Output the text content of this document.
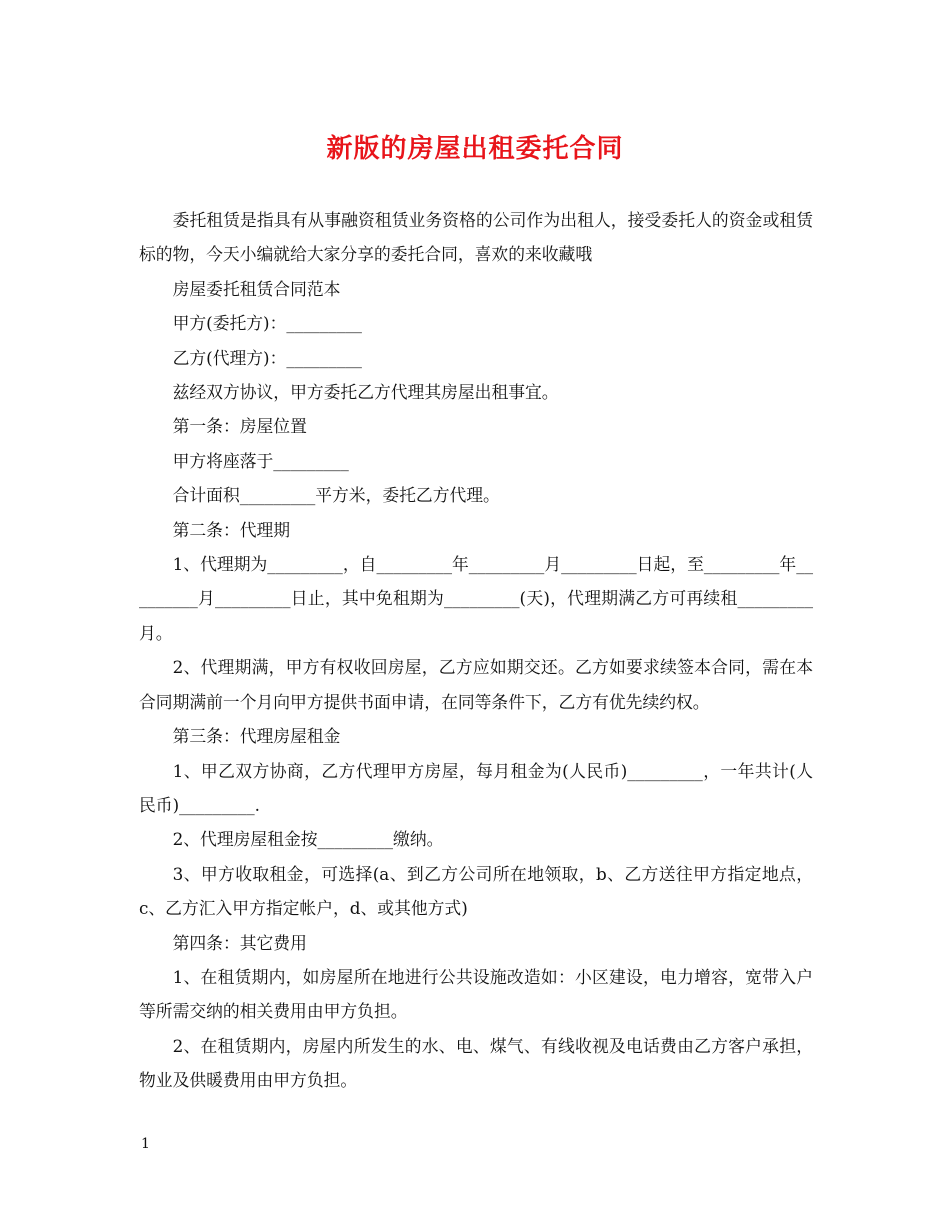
新版的房屋出租委托合同

委托租赁是指具有从事融资租赁业务资格的公司作为出租人，接受委托人的资金或租赁标的物，今天小编就给大家分享的委托合同，喜欢的来收藏哦

房屋委托租赁合同范本

甲方(委托方)：_________

乙方(代理方)：_________

兹经双方协议，甲方委托乙方代理其房屋出租事宜。

第一条：房屋位置

甲方将座落于_________

合计面积_________平方米，委托乙方代理。

第二条：代理期

1、代理期为_________，自_________年_________月_________日起，至_________年_________月_________日止，其中免租期为_________(天)，代理期满乙方可再续租_________月。

2、代理期满，甲方有权收回房屋，乙方应如期交还。乙方如要求续签本合同，需在本合同期满前一个月向甲方提供书面申请，在同等条件下，乙方有优先续约权。

第三条：代理房屋租金

1、甲乙双方协商，乙方代理甲方房屋，每月租金为(人民币)_________，一年共计(人民币)_________.

2、代理房屋租金按_________缴纳。

3、甲方收取租金，可选择(a、到乙方公司所在地领取，b、乙方送往甲方指定地点，c、乙方汇入甲方指定帐户，d、或其他方式)

第四条：其它费用

1、在租赁期内，如房屋所在地进行公共设施改造如：小区建设，电力增容，宽带入户等所需交纳的相关费用由甲方负担。

2、在租赁期内，房屋内所发生的水、电、煤气、有线收视及电话费由乙方客户承担，物业及供暖费用由甲方负担。

1
